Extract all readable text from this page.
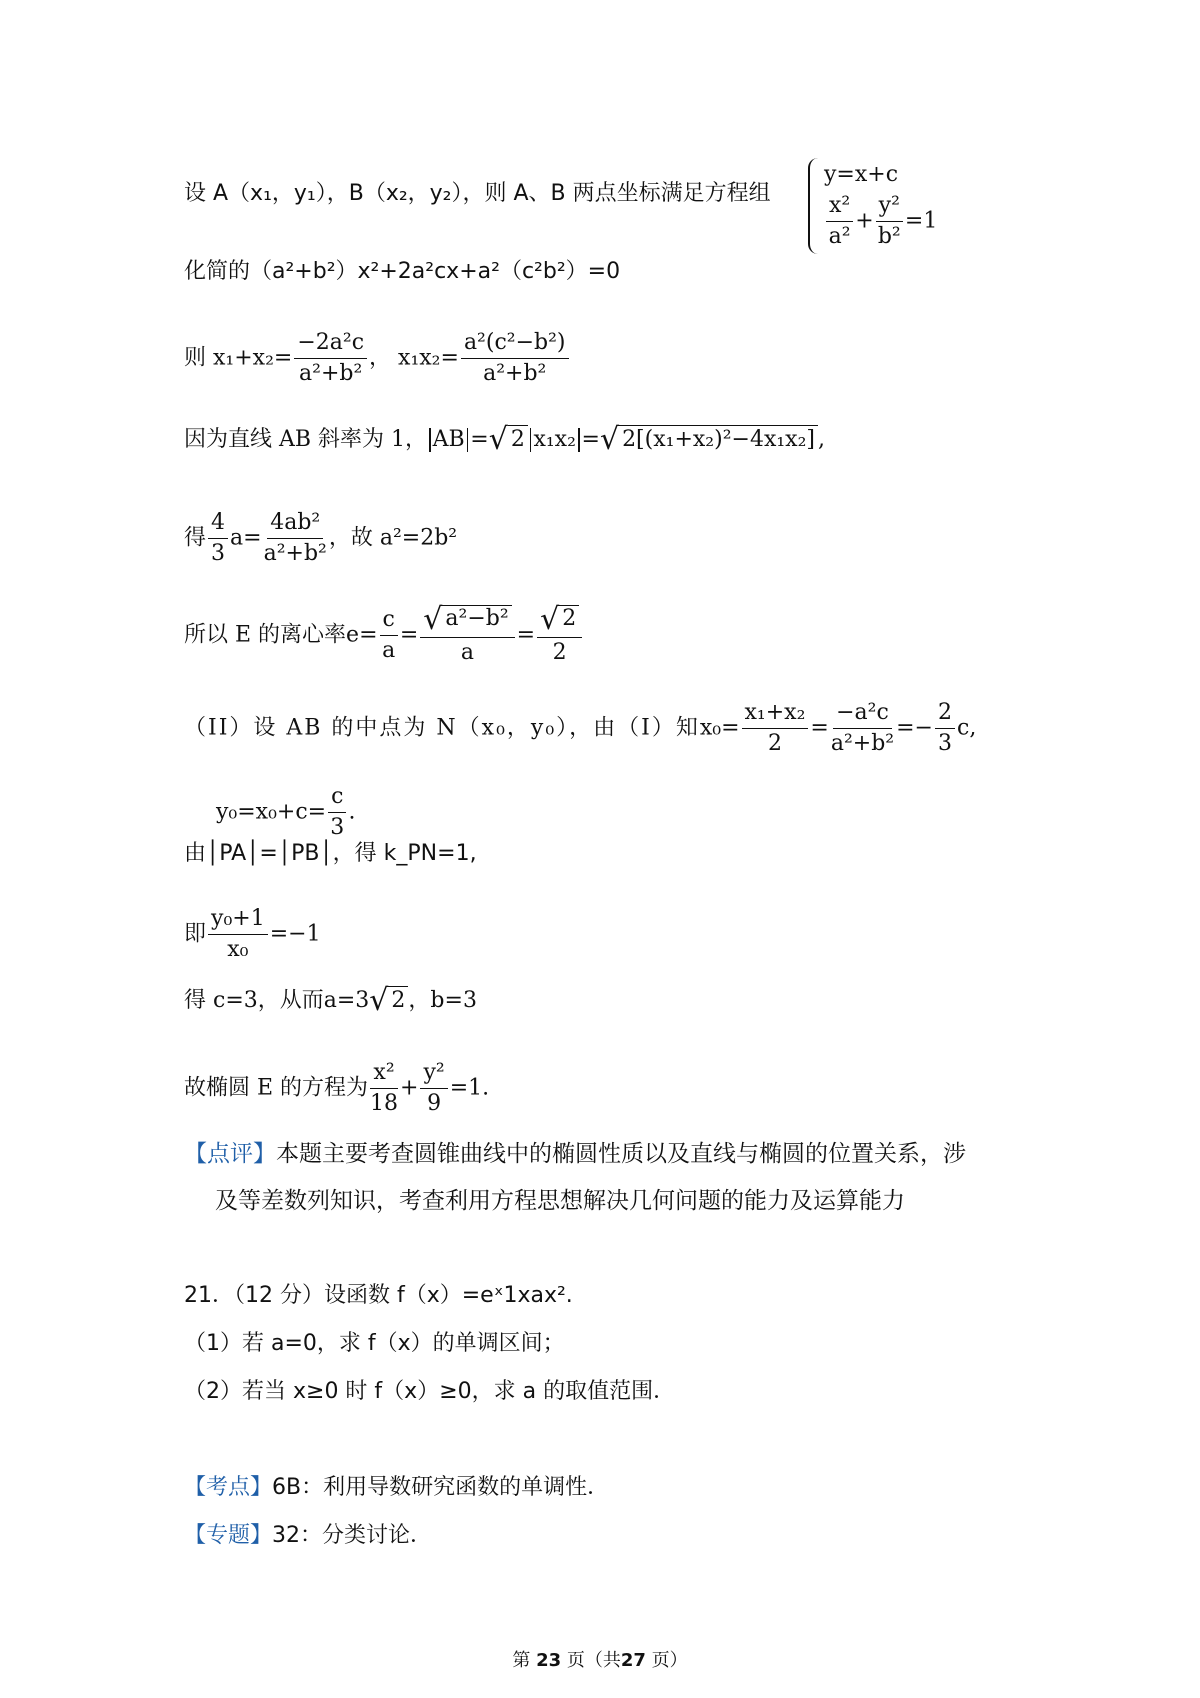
设 A（x₁，y₁），B（x₂，y₂），则 A、B 两点坐标满足方程组
y=x+c
$\frac{\text{x²}}{\text{a²}} + \frac{\text{y²}}{\text{b²}} =1$
化简的（a²+b²）x²+2a²cx+a²（c²b²）=0
则 $x_1+x_2= \frac{\text{−2a²c}}{\text{a²+b²}}$ ， $x_1x_2= \frac{\text{a²(c²−b²)}}{\text{a²+b²}}$
因为直线 AB 斜率为 1， AB = √ 2 x₁x₂ = √ 2[(x₁+x₂)²−4x₁x₂] ,
得 $\frac{4}{3} a= \frac{\text{4ab²}}{\text{a²+b²}}$ ，故 a²=2b²
所以 E 的离心率$e= \frac{c}{a} = \frac{\text{√ a²−b²}}{a} = \frac{√ 2}{2}$
（II）设 AB 的中点为 N（x₀，y₀），由（I）知$x_0= \frac{\text{x₁+x₂}}{2} = \frac{\text{−a²c}}{\text{a²+b²}} =- \frac{2}{3} c$,
$y_0=x_0+c= \frac{c}{3}$ .
由│PA│=│PB│，得 k_PN=1,
即 $\frac{\text{y₀+1}}{\text{x₀}} =-1$
得 c=3，从而a=3 √ 2 ，b=3
故椭圆 E 的方程为 $\frac{\text{x²}}{18} + \frac{\text{y²}}{9} =1$.
【点评】本题主要考查圆锥曲线中的椭圆性质以及直线与椭圆的位置关系，涉
及等差数列知识，考查利用方程思想解决几何问题的能力及运算能力
21．（12 分）设函数 f（x）=eˣ1xax².
（1）若 a=0，求 f（x）的单调区间；
（2）若当 x≥0 时 f（x）≥0，求 a 的取值范围．
【考点】6B：利用导数研究函数的单调性．
【专题】32：分类讨论．
第 23 页（共27 页）
